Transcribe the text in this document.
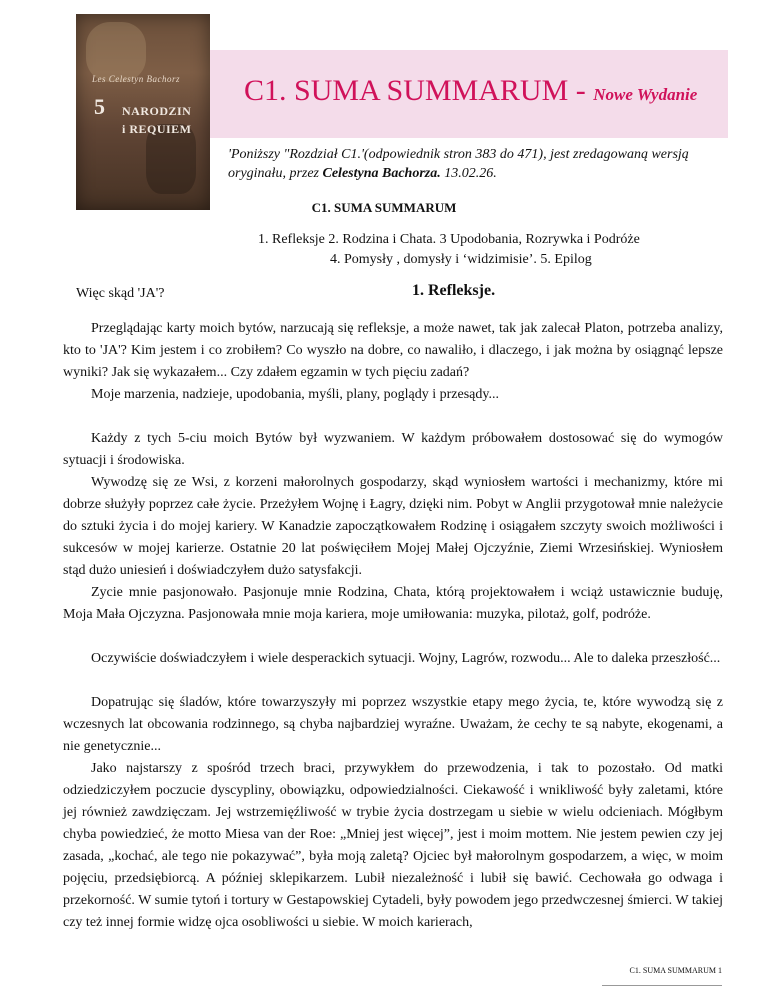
Les Celestyn Bachorz
5 NARODZIN
i REQUIEM
C1. SUMA SUMMARUM - Nowe Wydanie
'Poniższy "Rozdział C1.'(odpowiednik stron 383 do 471), jest zredagowaną wersją oryginału, przez Celestyna Bachorza. 13.02.26.
C1. SUMA SUMMARUM
1. Refleksje 2. Rodzina i Chata. 3 Upodobania, Rozrywka i Podróże
4. Pomysły , domysły i ‘widzimisie’. 5. Epilog
Więc skąd 'JA'?	1. Refleksje.

Przeglądając karty moich bytów, narzucają się refleksje, a może nawet, tak jak zalecał Platon, potrzeba analizy, kto to 'JA'? Kim jestem i co zrobiłem? Co wyszło na dobre, co nawaliło, i dlaczego, i jak można by osiągnąć lepsze wyniki? Jak się wykazałem... Czy zdałem egzamin w tych pięciu zadań?

Moje marzenia, nadzieje, upodobania, myśli, plany, poglądy i przesądy...

Każdy z tych 5-ciu moich Bytów był wyzwaniem. W każdym próbowałem dostosować się do wymogów sytuacji i środowiska.

Wywodzę się ze Wsi, z korzeni małorolnych gospodarzy, skąd wyniosłem wartości i mechanizmy, które mi dobrze służyły poprzez całe życie. Przeżyłem Wojnę i Łagry, dzięki nim. Pobyt w Anglii przygotował mnie należycie do sztuki życia i do mojej kariery. W Kanadzie zapoczątkowałem Rodzinę i osiągałem szczyty swoich możliwości i sukcesów w mojej karierze. Ostatnie 20 lat poświęciłem Mojej Małej Ojczyźnie, Ziemi Wrzesińskiej. Wyniosłem stąd dużo uniesień i doświadczyłem dużo satysfakcji.

Zycie mnie pasjonowało. Pasjonuje mnie Rodzina, Chata, którą projektowałem i wciąż ustawicznie buduję, Moja Mała Ojczyzna. Pasjonowała mnie moja kariera, moje umiłowania: muzyka, pilotaż, golf, podróże.

Oczywiście doświadczyłem i wiele desperackich sytuacji. Wojny, Lagrów, rozwodu... Ale to daleka przeszłość...

Dopatrując się śladów, które towarzyszyły mi poprzez wszystkie etapy mego życia, te, które wywodzą się z wczesnych lat obcowania rodzinnego, są chyba najbardziej wyraźne. Uważam, że cechy te są nabyte, ekogenami, a nie genetycznie...

Jako najstarszy z spośród trzech braci, przywykłem do przewodzenia, i tak to pozostało. Od matki odziedziczyłem poczucie dyscypliny, obowiązku, odpowiedzialności. Ciekawość i wnikliwość były zaletami, które jej również zawdzięczam. Jej wstrzemięźliwość w trybie życia dostrzegam u siebie w wielu odcieniach. Mógłbym chyba powiedzieć, że motto Miesa van der Roe: „Mniej jest więcej”, jest i moim mottem. Nie jestem pewien czy jej zasada, „kochać, ale tego nie pokazywać”, była moją zaletą? Ojciec był małorolnym gospodarzem, a więc, w moim pojęciu, przedsiębiorcą. A później sklepikarzem. Lubił niezależność i lubił się bawić. Cechowała go odwaga i przekorność. W sumie tytoń i tortury w Gestapowskiej Cytadeli, były powodem jego przedwczesnej śmierci. W takiej czy też innej formie widzę ojca osobliwości u siebie. W moich karierach,

C1. SUMA SUMMARUM 1
